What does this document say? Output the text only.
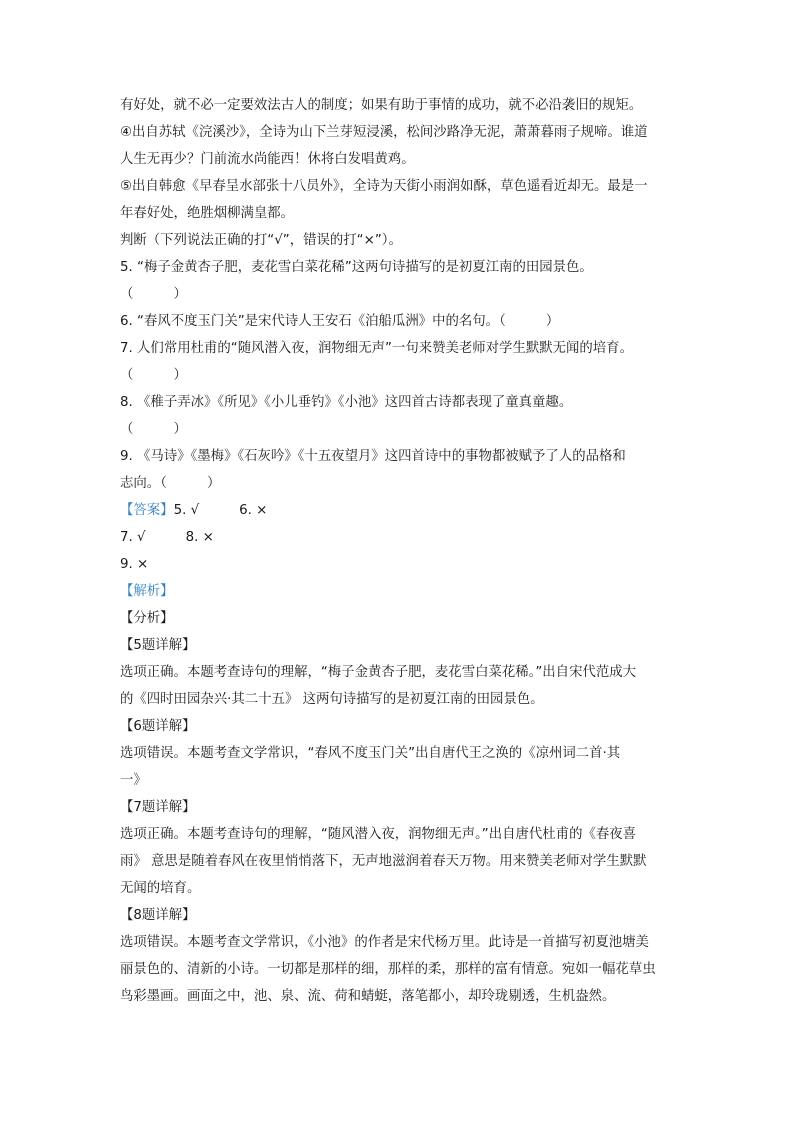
有好处，就不必一定要效法古人的制度；如果有助于事情的成功，就不必沿袭旧的规矩。
④出自苏轼《浣溪沙》，全诗为山下兰芽短浸溪，松间沙路净无泥，萧萧暮雨子规啼。谁道
人生无再少？门前流水尚能西！休将白发唱黄鸡。
⑤出自韩愈《早春呈水部张十八员外》，全诗为天街小雨润如酥，草色遥看近却无。最是一
年春好处，绝胜烟柳满皇都。
判断（下列说法正确的打“√”，错误的打“×”）。
5. “梅子金黄杏子肥，麦花雪白菜花稀”这两句诗描写的是初夏江南的田园景色。
（　　　）
6. “春风不度玉门关”是宋代诗人王安石《泊船瓜洲》中的名句。（　　　）
7. 人们常用杜甫的“随风潜入夜，润物细无声”一句来赞美老师对学生默默无闻的培育。
（　　　）
8. 《稚子弄冰》《所见》《小儿垂钓》《小池》这四首古诗都表现了童真童趣。
（　　　）
9. 《马诗》《墨梅》《石灰吟》《十五夜望月》这四首诗中的事物都被赋予了人的品格和
志向。（　　　）
【答案】5. √	6. ×
7. √	8. ×
9. ×
【解析】
【分析】
【5题详解】
选项正确。本题考查诗句的理解，“梅子金黄杏子肥，麦花雪白菜花稀。”出自宋代范成大
的《四时田园杂兴·其二十五》 这两句诗描写的是初夏江南的田园景色。
【6题详解】
选项错误。本题考查文学常识，“春风不度玉门关”出自唐代王之涣的《凉州词二首·其
一》
【7题详解】
选项正确。本题考查诗句的理解，“随风潜入夜，润物细无声。”出自唐代杜甫的《春夜喜
雨》 意思是随着春风在夜里悄悄落下，无声地滋润着春天万物。用来赞美老师对学生默默
无闻的培育。
【8题详解】
选项错误。本题考查文学常识，《小池》的作者是宋代杨万里。此诗是一首描写初夏池塘美
丽景色的、清新的小诗。一切都是那样的细，那样的柔，那样的富有情意。宛如一幅花草虫
鸟彩墨画。画面之中，池、泉、流、荷和蜻蜓，落笔都小，却玲珑剔透，生机盎然。
